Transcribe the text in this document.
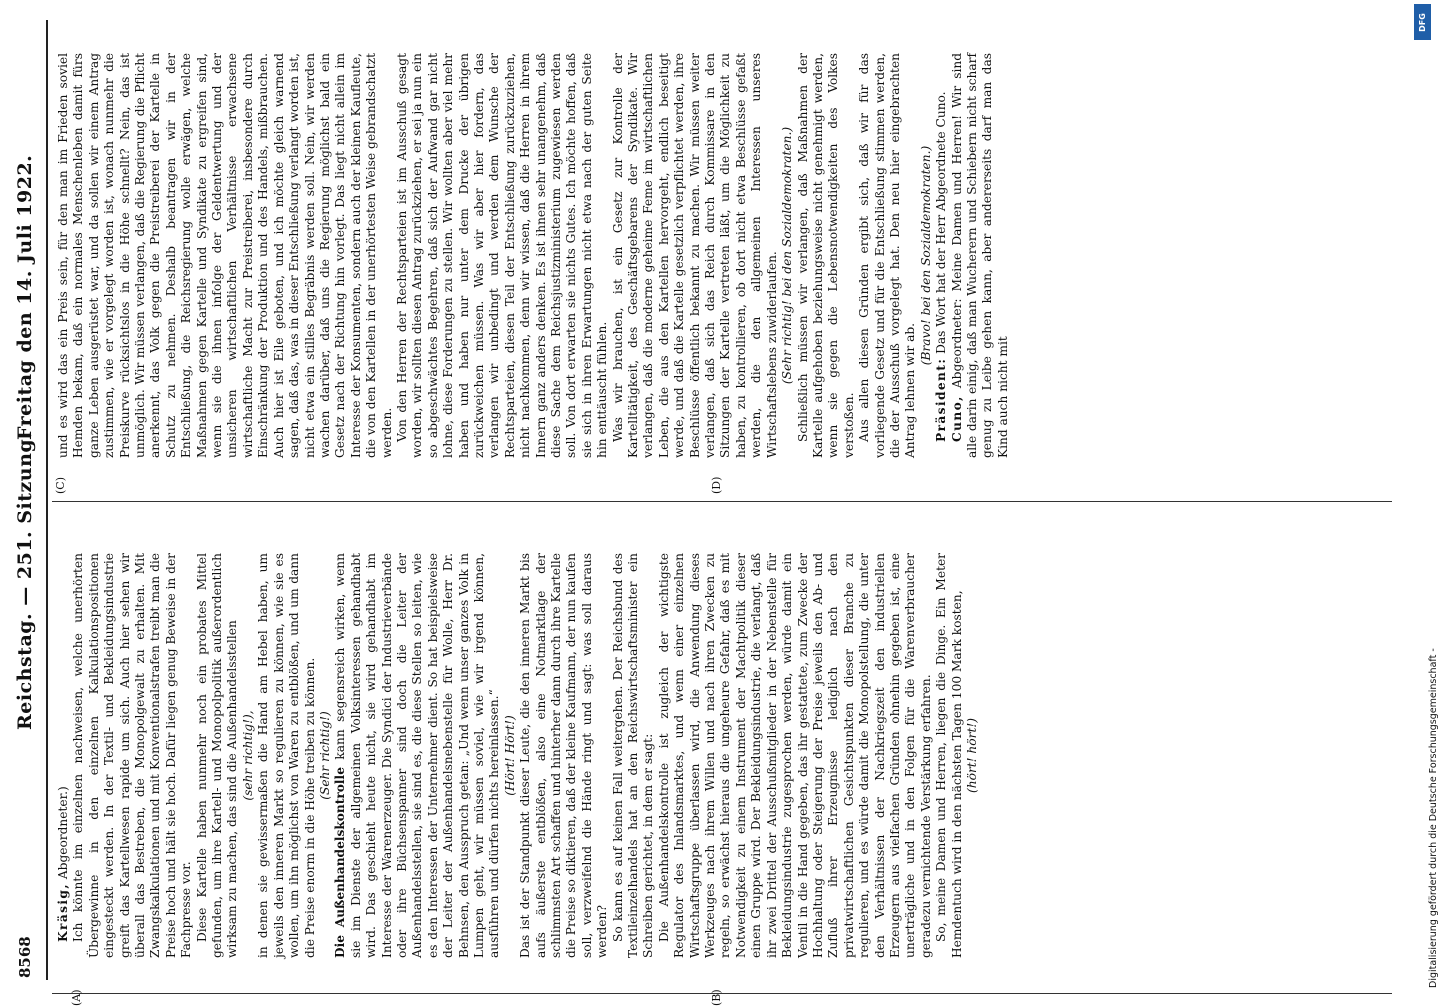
8568
Reichstag. — 251. Sitzung.
Freitag den 14. Juli 1922.
(A)	(B)
(C)	(D)

Kräsig, Abgeordneter.) Ich könnte im einzelnen nachweisen, welche unerhörten Übergewinne in den einzelnen Kalkulationspositionen eingesteckt werden. In der Textil- und Bekleidungsindustrie greift das Kartellwesen rapide um sich. Auch hier sehen wir überall das Bestreben, die Monopolgewalt zu erhalten. Mit Zwangskalkulationen und mit Konventionalstrafen treibt man die Preise hoch und hält sie hoch. Dafür liegen genug Beweise in der Fachpresse vor. Diese Kartelle haben nunmehr noch ein probates Mittel gefunden, um ihre Kartell- und Monopolpolitik außerordentlich wirksam zu machen, das sind die Außenhandelsstellen (sehr richtig!), in denen sie gewissermaßen die Hand am Hebel haben, um jeweils den inneren Markt so regulieren zu können, wie sie es wollen, um ihn möglichst von Waren zu entblößen, und um dann die Preise enorm in die Höhe treiben zu können. (Sehr richtig!)

Die Außenhandelskontrolle kann segensreich wirken, wenn sie im Dienste der allgemeinen Volksinteressen gehandhabt wird. Das geschieht heute nicht, sie wird gehandhabt im Interesse der Warenerzeuger. Die Syndici der Industrieverbände oder ihre Büchsenspanner sind doch die Leiter der Außenhandelsstellen, sie sind es, die diese Stellen so leiten, wie es den Interessen der Unternehmer dient. So hat beispielsweise der Leiter der Außenhandelsnebenstelle für Wolle, Herr Dr. Behnsen, den Ausspruch getan: „Und wenn unser ganzes Volk in Lumpen geht, wir müssen soviel, wie wir irgend können, ausführen und dürfen nichts hereinlassen.“ (Hört! Hört!) Das ist der Standpunkt dieser Leute, die den inneren Markt bis aufs äußerste entblößen, also eine Notmarktlage der schlimmsten Art schaffen und hinterher dann durch ihre Kartelle die Preise so diktieren, daß der kleine Kaufmann, der nun kaufen soll, verzweifelnd die Hände ringt und sagt: was soll daraus werden? So kann es auf keinen Fall weitergehen. Der Reichsbund des Textileinzelhandels hat an den Reichswirtschaftsminister ein Schreiben gerichtet, in dem er sagt: Die Außenhandelskontrolle ist zugleich der wichtigste Regulator des Inlandsmarktes, und wenn einer einzelnen Wirtschaftsgruppe überlassen wird, die Anwendung dieses Werkzeuges nach ihrem Willen und nach ihren Zwecken zu regeln, so erwächst hieraus die ungeheure Gefahr, daß es mit Notwendigkeit zu einem Instrument der Machtpolitik dieser einen Gruppe wird. Der Bekleidungsindustrie, die verlangt, daß ihr zwei Drittel der Ausschußmitglieder in der Nebenstelle für Bekleidungsindustrie zugesprochen werden, würde damit ein Ventil in die Hand gegeben, das ihr gestattete, zum Zwecke der Hochhaltung oder Steigerung der Preise jeweils den Ab- und Zufluß ihrer Erzeugnisse lediglich nach den privatwirtschaftlichen Gesichtspunkten dieser Branche zu regulieren, und es würde damit die Monopolstellung, die unter den Verhältnissen der Nachkriegszeit den industriellen Erzeugern aus vielfachen Gründen ohnehin gegeben ist, eine unerträgliche und in den Folgen für die Warenverbraucher geradezu vernichtende Verstärkung erfahren. So, meine Damen und Herren, liegen die Dinge. Ein Meter Hemdentuch wird in den nächsten Tagen 100 Mark kosten, (hört! hört!)

und es wird das ein Preis sein, für den man im Frieden soviel Hemden bekam, daß ein normales Menschenleben damit fürs ganze Leben ausgerüstet war, und da sollen wir einem Antrag zustimmen, wie er vorgelegt worden ist, wonach nunmehr die Preiskurve rücksichtslos in die Höhe schnellt? Nein, das ist unmöglich. Wir müssen verlangen, daß die Regierung die Pflicht anerkennt, das Volk gegen die Preistreiberei der Kartelle in Schutz zu nehmen. Deshalb beantragen wir in der Entschließung, die Reichsregierung wolle erwägen, welche Maßnahmen gegen Kartelle und Syndikate zu ergreifen sind, wenn sie die ihnen infolge der Geldentwertung und der unsicheren wirtschaftlichen Verhältnisse erwachsene wirtschaftliche Macht zur Preistreiberei, insbesondere durch Einschränkung der Produktion und des Handels, mißbrauchen. Auch hier ist Eile geboten, und ich möchte gleich warnend sagen, daß das, was in dieser Entschließung verlangt worden ist, nicht etwa ein stilles Begräbnis werden soll. Nein, wir werden wachen darüber, daß uns die Regierung möglichst bald ein Gesetz nach der Richtung hin vorlegt. Das liegt nicht allein im Interesse der Konsumenten, sondern auch der kleinen Kaufleute, die von den Kartellen in der unerhörtesten Weise gebrandschatzt werden. Von den Herren der Rechtsparteien ist im Ausschuß gesagt worden, wir sollten diesen Antrag zurückziehen, er sei ja nun ein so abgeschwächtes Begehren, daß sich der Aufwand gar nicht lohne, diese Forderungen zu stellen. Wir wollten aber viel mehr haben und haben nur unter dem Drucke der übrigen zurückweichen müssen. Was wir aber hier fordern, das verlangen wir unbedingt und werden dem Wunsche der Rechtsparteien, diesen Teil der Entschließung zurückzuziehen, nicht nachkommen, denn wir wissen, daß die Herren in ihrem Innern ganz anders denken. Es ist ihnen sehr unangenehm, daß diese Sache dem Reichsjustizministerium zugewiesen werden soll. Von dort erwarten sie nichts Gutes. Ich möchte hoffen, daß sie sich in ihren Erwartungen nicht etwa nach der guten Seite hin enttäuscht fühlen. Was wir brauchen, ist ein Gesetz zur Kontrolle der Kartelltätigkeit, des Geschäftsgebarens der Syndikate. Wir verlangen, daß die moderne geheime Feme im wirtschaftlichen Leben, die aus den Kartellen hervorgeht, endlich beseitigt werde, und daß die Kartelle gesetzlich verpflichtet werden, ihre Beschlüsse öffentlich bekannt zu machen. Wir müssen weiter verlangen, daß sich das Reich durch Kommissare in den Sitzungen der Kartelle vertreten läßt, um die Möglichkeit zu haben, zu kontrollieren, ob dort nicht etwa Beschlüsse gefaßt werden, die den allgemeinen Interessen unseres Wirtschaftslebens zuwiderlaufen. (Sehr richtig! bei den Sozialdemokraten.) Schließlich müssen wir verlangen, daß Maßnahmen der Kartelle aufgehoben beziehungsweise nicht genehmigt werden, wenn sie gegen die Lebensnotwendigkeiten des Volkes verstoßen. Aus allen diesen Gründen ergibt sich, daß wir für das vorliegende Gesetz und für die Entschließung stimmen werden, die der Ausschuß vorgelegt hat. Den neu hier eingebrachten Antrag lehnen wir ab.

(Bravo! bei den Sozialdemokraten.)

Präsident: Das Wort hat der Herr Abgeordnete Cuno.

Cuno, Abgeordneter: Meine Damen und Herren! Wir sind alle darin einig, daß man Wucherern und Schiebern nicht scharf genug zu Leibe gehen kann, aber andererseits darf man das Kind auch nicht mit

DFG
Digitalisierung gefördert durch die Deutsche Forschungsgemeinschaft -
